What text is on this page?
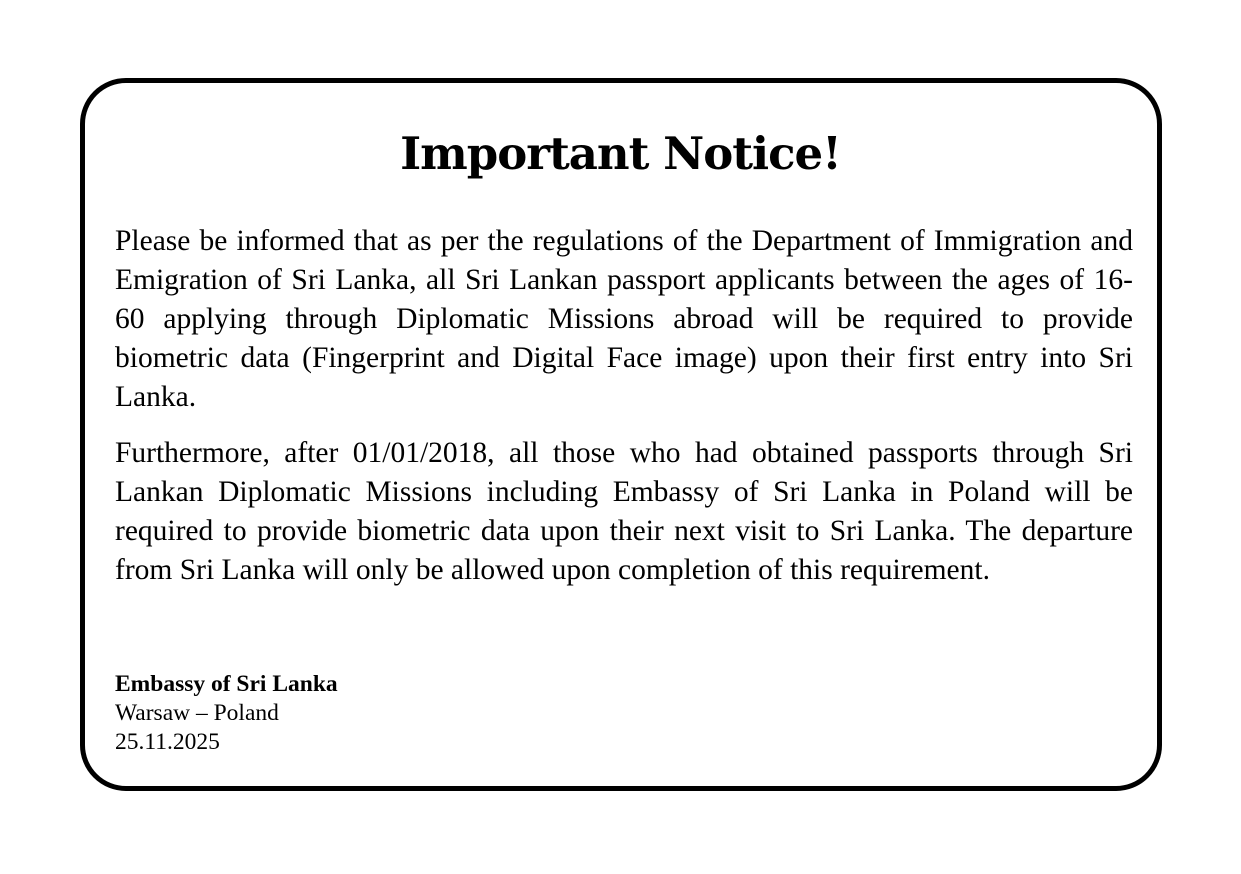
Important Notice!

Please be informed that as per the regulations of the Department of Immigration and Emigration of Sri Lanka, all Sri Lankan passport applicants between the ages of 16-60 applying through Diplomatic Missions abroad will be required to provide biometric data (Fingerprint and Digital Face image) upon their first entry into Sri Lanka.

Furthermore, after 01/01/2018, all those who had obtained passports through Sri Lankan Diplomatic Missions including Embassy of Sri Lanka in Poland will be required to provide biometric data upon their next visit to Sri Lanka. The departure from Sri Lanka will only be allowed upon completion of this requirement.

Embassy of Sri Lanka
Warsaw – Poland
25.11.2025
